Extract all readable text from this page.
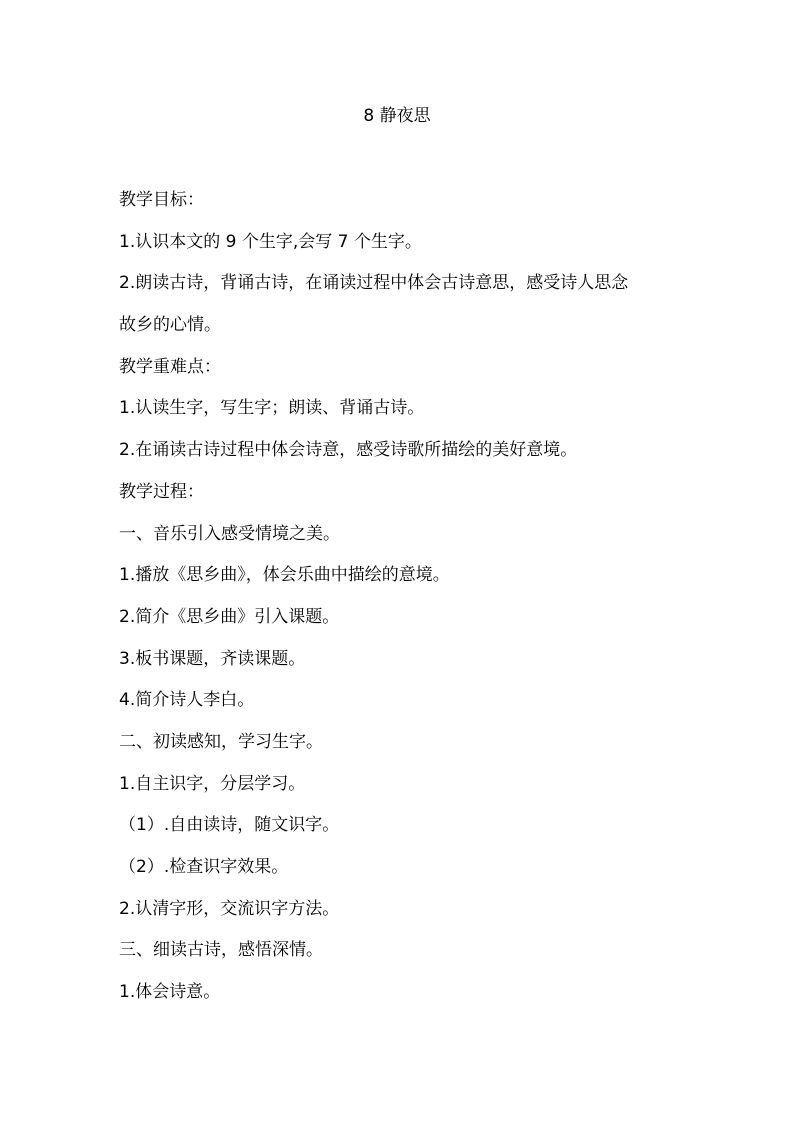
8 静夜思

教学目标：

1.认识本文的 9 个生字,会写 7 个生字。

2.朗读古诗，背诵古诗，在诵读过程中体会古诗意思，感受诗人思念

故乡的心情。

教学重难点：

1.认读生字，写生字；朗读、背诵古诗。

2.在诵读古诗过程中体会诗意，感受诗歌所描绘的美好意境。

教学过程：

一、音乐引入感受情境之美。

1.播放《思乡曲》，体会乐曲中描绘的意境。

2.简介《思乡曲》引入课题。

3.板书课题，齐读课题。

4.简介诗人李白。

二、初读感知，学习生字。

1.自主识字，分层学习。

（1）.自由读诗，随文识字。

（2）.检查识字效果。

2.认清字形，交流识字方法。

三、细读古诗，感悟深情。

1.体会诗意。
